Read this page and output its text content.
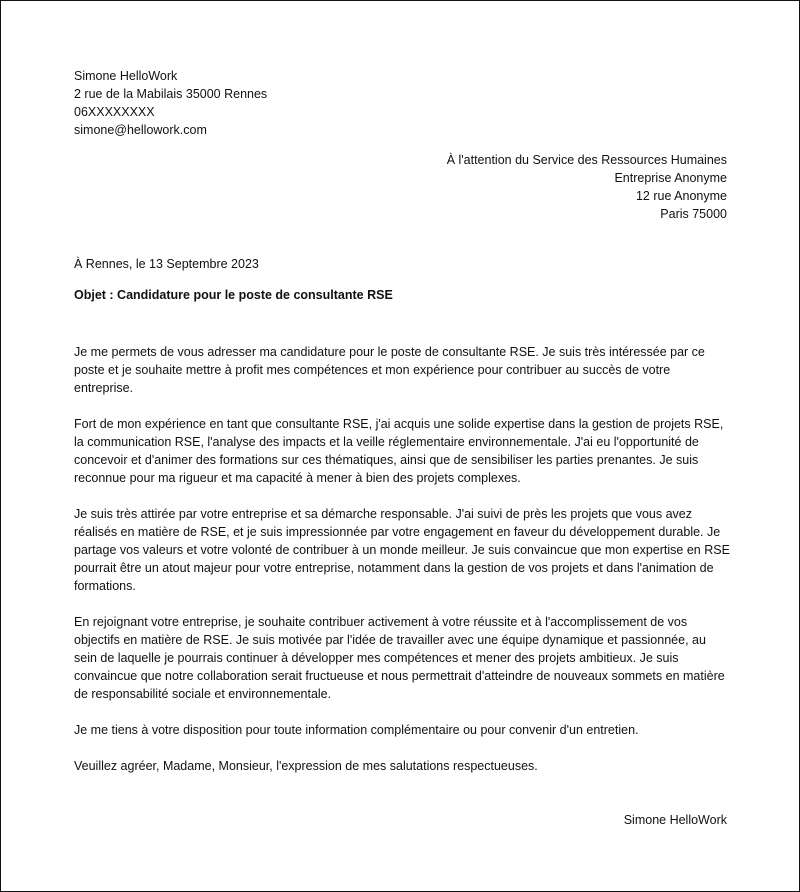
Simone HelloWork
2 rue de la Mabilais 35000 Rennes
06XXXXXXXX
simone@hellowork.com
À l'attention du Service des Ressources Humaines
Entreprise Anonyme
12 rue Anonyme
Paris 75000
À Rennes, le 13 Septembre 2023
Objet : Candidature pour le poste de consultante RSE

Je me permets de vous adresser ma candidature pour le poste de consultante RSE. Je suis très intéressée par ce poste et je souhaite mettre à profit mes compétences et mon expérience pour contribuer au succès de votre entreprise.

Fort de mon expérience en tant que consultante RSE, j'ai acquis une solide expertise dans la gestion de projets RSE, la communication RSE, l'analyse des impacts et la veille réglementaire environnementale. J'ai eu l'opportunité de concevoir et d'animer des formations sur ces thématiques, ainsi que de sensibiliser les parties prenantes. Je suis reconnue pour ma rigueur et ma capacité à mener à bien des projets complexes.

Je suis très attirée par votre entreprise et sa démarche responsable. J'ai suivi de près les projets que vous avez réalisés en matière de RSE, et je suis impressionnée par votre engagement en faveur du développement durable. Je partage vos valeurs et votre volonté de contribuer à un monde meilleur. Je suis convaincue que mon expertise en RSE pourrait être un atout majeur pour votre entreprise, notamment dans la gestion de vos projets et dans l'animation de formations.

En rejoignant votre entreprise, je souhaite contribuer activement à votre réussite et à l'accomplissement de vos objectifs en matière de RSE. Je suis motivée par l'idée de travailler avec une équipe dynamique et passionnée, au sein de laquelle je pourrais continuer à développer mes compétences et mener des projets ambitieux. Je suis convaincue que notre collaboration serait fructueuse et nous permettrait d'atteindre de nouveaux sommets en matière de responsabilité sociale et environnementale.

Je me tiens à votre disposition pour toute information complémentaire ou pour convenir d'un entretien.

Veuillez agréer, Madame, Monsieur, l'expression de mes salutations respectueuses.

Simone HelloWork
